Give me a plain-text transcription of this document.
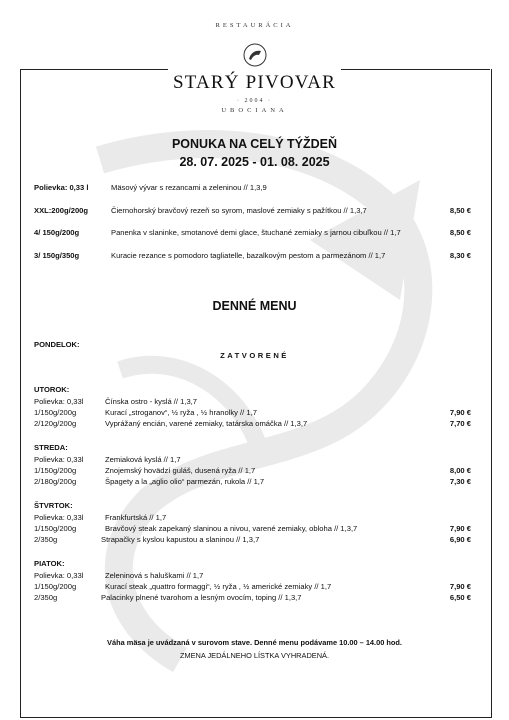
RESTAURÁCIA
STARÝ PIVOVAR
· 2004 ·
UBOCIANA
PONUKA NA CELÝ TÝŽDEŇ
28. 07. 2025 - 01. 08. 2025
Polievka: 0,33 l	Mäsový vývar s rezancami a zeleninou // 1,3,9
XXL:200g/200g	Čiernohorský bravčový rezeň so syrom, maslové zemiaky s pažítkou // 1,3,7	8,50 €
4/ 150g/200g	Panenka v slaninke, smotanové demi glace, štuchané zemiaky s jarnou cibuľkou // 1,7	8,50 €
3/ 150g/350g	Kuracie rezance s pomodoro tagliatelle, bazalkovým pestom a parmezánom // 1,7	8,30 €
DENNÉ MENU
PONDELOK:
ZATVORENÉ
UTOROK:
Polievka: 0,33l	Čínska ostro - kyslá // 1,3,7
1/150g/200g	Kurací „stroganov“, ½ ryža , ½ hranolky // 1,7	7,90 €
2/120g/200g	Vyprážaný encián, varené zemiaky, tatárska omáčka // 1,3,7	7,70 €
STREDA:
Polievka: 0,33l	Zemiaková kyslá // 1,7
1/150g/200g	Znojemský hovädzí guláš, dusená ryža // 1,7	8,00 €
2/180g/200g	Špagety a la „aglio olio“ parmezán, rukola // 1,7	7,30 €
ŠTVRTOK:
Polievka: 0,33l	Frankfurtská // 1,7
1/150g/200g	Bravčový steak zapekaný slaninou a nivou, varené zemiaky, obloha // 1,3,7	7,90 €
2/350g	Strapačky s kyslou kapustou a slaninou // 1,3,7	6,90 €
PIATOK:
Polievka: 0,33l	Zeleninová s haluškami // 1,7
1/150g/200g	Kurací steak „quattro formaggi“, ½ ryža , ½ americké zemiaky // 1,7	7,90 €
2/350g	Palacinky plnené tvarohom a lesným ovocím, toping // 1,3,7	6,50 €
Váha mäsa je uvádzaná v surovom stave. Denné menu podávame 10.00 – 14.00 hod.
ZMENA JEDÁLNEHO LÍSTKA VYHRADENÁ.
